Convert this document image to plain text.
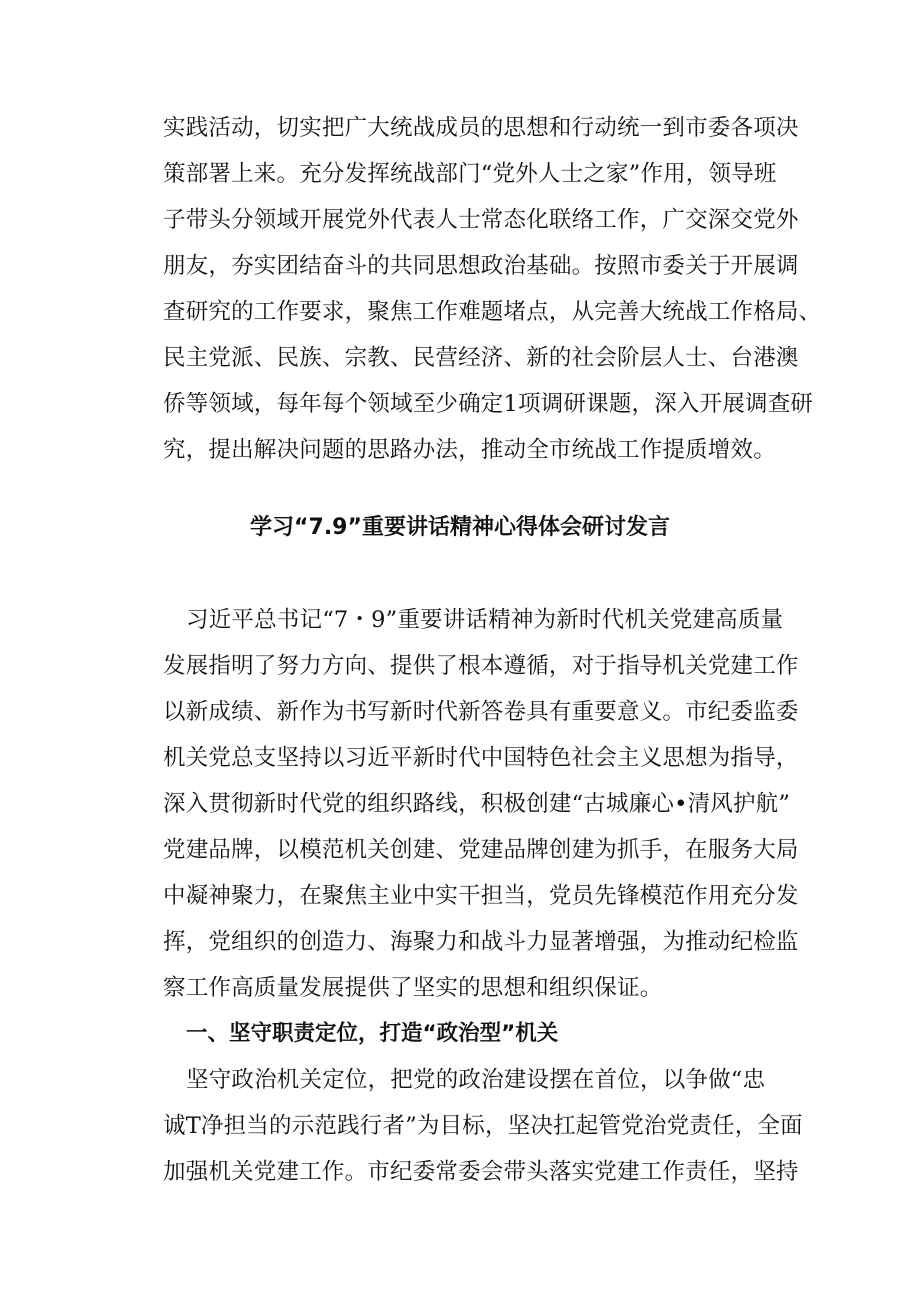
实践活动，切实把广大统战成员的思想和行动统一到市委各项决
策部署上来。充分发挥统战部门“党外人士之家”作用，领导班
子带头分领域开展党外代表人士常态化联络工作，广交深交党外
朋友，夯实团结奋斗的共同思想政治基础。按照市委关于开展调
查研究的工作要求，聚焦工作难题堵点，从完善大统战工作格局、
民主党派、民族、宗教、民营经济、新的社会阶层人士、台港澳
侨等领域，每年每个领域至少确定1项调研课题，深入开展调查研
究，提出解决问题的思路办法，推动全市统战工作提质增效。
学习“7.9”重要讲话精神心得体会研讨发言
习近平总书记“7・9”重要讲话精神为新时代机关党建高质量
发展指明了努力方向、提供了根本遵循，对于指导机关党建工作
以新成绩、新作为书写新时代新答卷具有重要意义。市纪委监委
机关党总支坚持以习近平新时代中国特色社会主义思想为指导，
深入贯彻新时代党的组织路线，积极创建“古城廉心•清风护航”
党建品牌，以模范机关创建、党建品牌创建为抓手，在服务大局
中凝神聚力，在聚焦主业中实干担当，党员先锋模范作用充分发
挥，党组织的创造力、海聚力和战斗力显著增强，为推动纪检监
察工作高质量发展提供了坚实的思想和组织保证。
一、坚守职责定位，打造“政治型”机关
坚守政治机关定位，把党的政治建设摆在首位，以争做“忠
诚T净担当的示范践行者”为目标，坚决扛起管党治党责任，全面
加强机关党建工作。市纪委常委会带头落实党建工作责任，坚持
